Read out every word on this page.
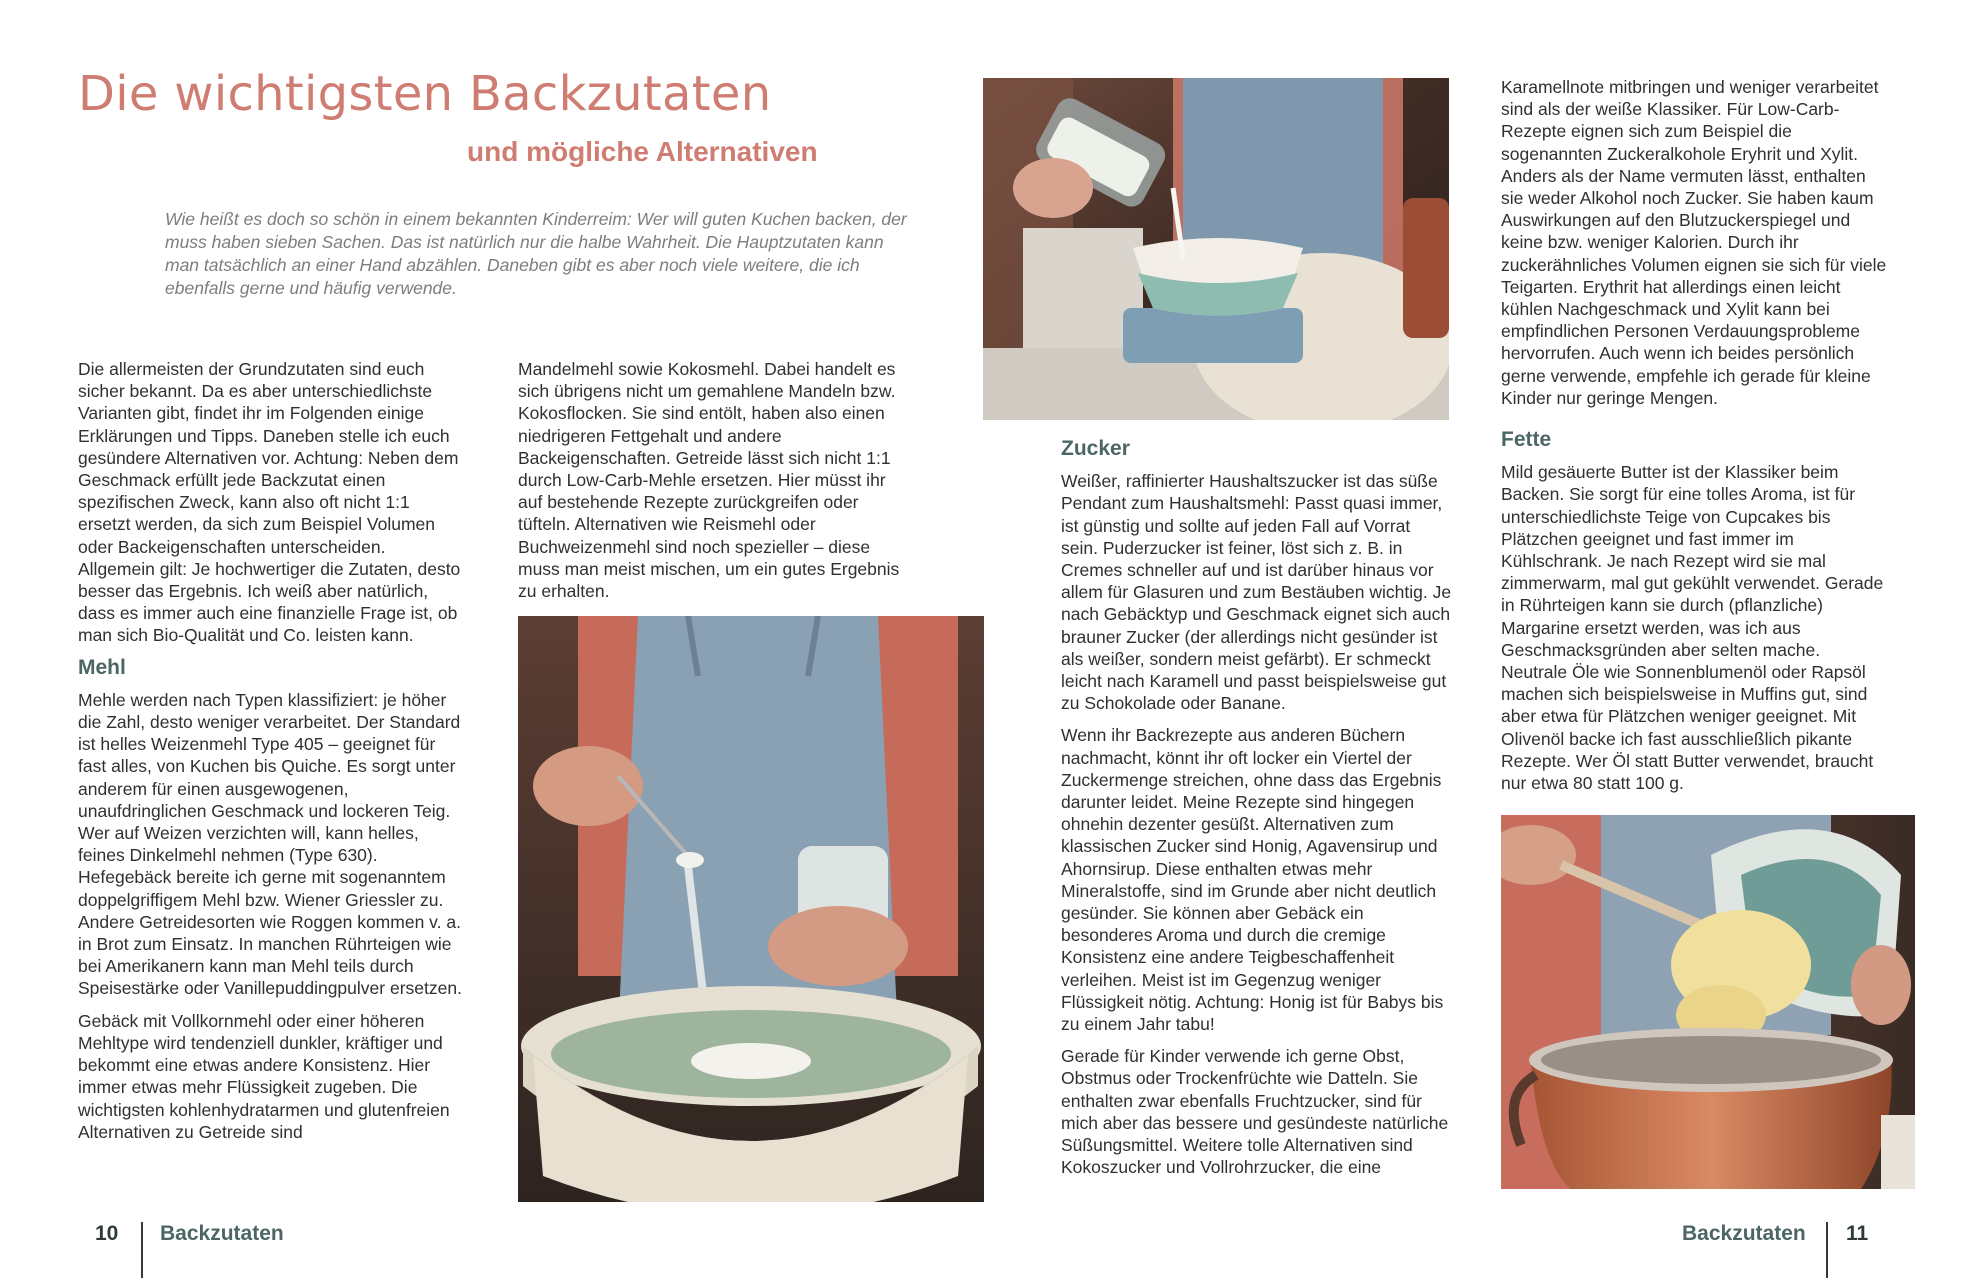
Die wichtigsten Backzutaten
und mögliche Alternativen

Wie heißt es doch so schön in einem bekannten Kinderreim: Wer will guten Kuchen backen, der muss haben sieben Sachen. Das ist natürlich nur die halbe Wahrheit. Die Hauptzutaten kann man tatsächlich an einer Hand abzählen. Daneben gibt es aber noch viele weitere, die ich ebenfalls gerne und häufig verwende.

Die allermeisten der Grundzutaten sind euch sicher bekannt. Da es aber unterschiedlichste Varianten gibt, findet ihr im Folgenden einige Erklärungen und Tipps. Daneben stelle ich euch gesündere Alternativen vor. Achtung: Neben dem Geschmack erfüllt jede Backzutat einen spezifischen Zweck, kann also oft nicht 1:1 ersetzt werden, da sich zum Beispiel Volumen oder Backeigenschaften unterscheiden. Allgemein gilt: Je hochwertiger die Zutaten, desto besser das Ergebnis. Ich weiß aber natürlich, dass es immer auch eine finanzielle Frage ist, ob man sich Bio-Qualität und Co. leisten kann.

Mehl

Mehle werden nach Typen klassifiziert: je höher die Zahl, desto weniger verarbeitet. Der Standard ist helles Weizenmehl Type 405 – geeignet für fast alles, von Kuchen bis Quiche. Es sorgt unter anderem für einen ausgewogenen, unaufdringlichen Geschmack und lockeren Teig. Wer auf Weizen verzichten will, kann helles, feines Dinkelmehl nehmen (Type 630). Hefegebäck bereite ich gerne mit sogenanntem doppelgriffigem Mehl bzw. Wiener Griessler zu. Andere Getreidesorten wie Roggen kommen v. a. in Brot zum Einsatz. In manchen Rührteigen wie bei Amerikanern kann man Mehl teils durch Speisestärke oder Vanillepuddingpulver ersetzen.

Gebäck mit Vollkornmehl oder einer höheren Mehltype wird tendenziell dunkler, kräftiger und bekommt eine etwas andere Konsistenz. Hier immer etwas mehr Flüssigkeit zugeben. Die wichtigsten kohlenhydratarmen und glutenfreien Alternativen zu Getreide sind

Mandelmehl sowie Kokosmehl. Dabei handelt es sich übrigens nicht um gemahlene Mandeln bzw. Kokosflocken. Sie sind entölt, haben also einen niedrigeren Fettgehalt und andere Backeigenschaften. Getreide lässt sich nicht 1:1 durch Low-Carb-Mehle ersetzen. Hier müsst ihr auf bestehende Rezepte zurückgreifen oder tüfteln. Alternativen wie Reismehl oder Buchweizenmehl sind noch spezieller – diese muss man meist mischen, um ein gutes Ergebnis zu erhalten.

Zucker

Weißer, raffinierter Haushaltszucker ist das süße Pendant zum Haushaltsmehl: Passt quasi immer, ist günstig und sollte auf jeden Fall auf Vorrat sein. Puderzucker ist feiner, löst sich z. B. in Cremes schneller auf und ist darüber hinaus vor allem für Glasuren und zum Bestäuben wichtig. Je nach Gebäcktyp und Geschmack eignet sich auch brauner Zucker (der allerdings nicht gesünder ist als weißer, sondern meist gefärbt). Er schmeckt leicht nach Karamell und passt beispielsweise gut zu Schokolade oder Banane.

Wenn ihr Backrezepte aus anderen Büchern nachmacht, könnt ihr oft locker ein Viertel der Zuckermenge streichen, ohne dass das Ergebnis darunter leidet. Meine Rezepte sind hingegen ohnehin dezenter gesüßt. Alternativen zum klassischen Zucker sind Honig, Agavensirup und Ahornsirup. Diese enthalten etwas mehr Mineralstoffe, sind im Grunde aber nicht deutlich gesünder. Sie können aber Gebäck ein besonderes Aroma und durch die cremige Konsistenz eine andere Teigbeschaffenheit verleihen. Meist ist im Gegenzug weniger Flüssigkeit nötig. Achtung: Honig ist für Babys bis zu einem Jahr tabu!

Gerade für Kinder verwende ich gerne Obst, Obstmus oder Trockenfrüchte wie Datteln. Sie enthalten zwar ebenfalls Fruchtzucker, sind für mich aber das bessere und gesündeste natürliche Süßungsmittel. Weitere tolle Alternativen sind Kokoszucker und Vollrohrzucker, die eine

Karamellnote mitbringen und weniger verarbeitet sind als der weiße Klassiker. Für Low-Carb-Rezepte eignen sich zum Beispiel die sogenannten Zuckeralkohole Eryhrit und Xylit. Anders als der Name vermuten lässt, enthalten sie weder Alkohol noch Zucker. Sie haben kaum Auswirkungen auf den Blutzuckerspiegel und keine bzw. weniger Kalorien. Durch ihr zuckerähnliches Volumen eignen sie sich für viele Teigarten. Erythrit hat allerdings einen leicht kühlen Nachgeschmack und Xylit kann bei empfindlichen Personen Verdauungsprobleme hervorrufen. Auch wenn ich beides persönlich gerne verwende, empfehle ich gerade für kleine Kinder nur geringe Mengen.

Fette

Mild gesäuerte Butter ist der Klassiker beim Backen. Sie sorgt für eine tolles Aroma, ist für unterschiedlichste Teige von Cupcakes bis Plätzchen geeignet und fast immer im Kühlschrank. Je nach Rezept wird sie mal zimmerwarm, mal gut gekühlt verwendet. Gerade in Rührteigen kann sie durch (pflanzliche) Margarine ersetzt werden, was ich aus Geschmacksgründen aber selten mache. Neutrale Öle wie Sonnenblumenöl oder Rapsöl machen sich beispielsweise in Muffins gut, sind aber etwa für Plätzchen weniger geeignet. Mit Olivenöl backe ich fast ausschließlich pikante Rezepte. Wer Öl statt Butter verwendet, braucht nur etwa 80 statt 100 g.

10 Backzutaten	Backzutaten 11
